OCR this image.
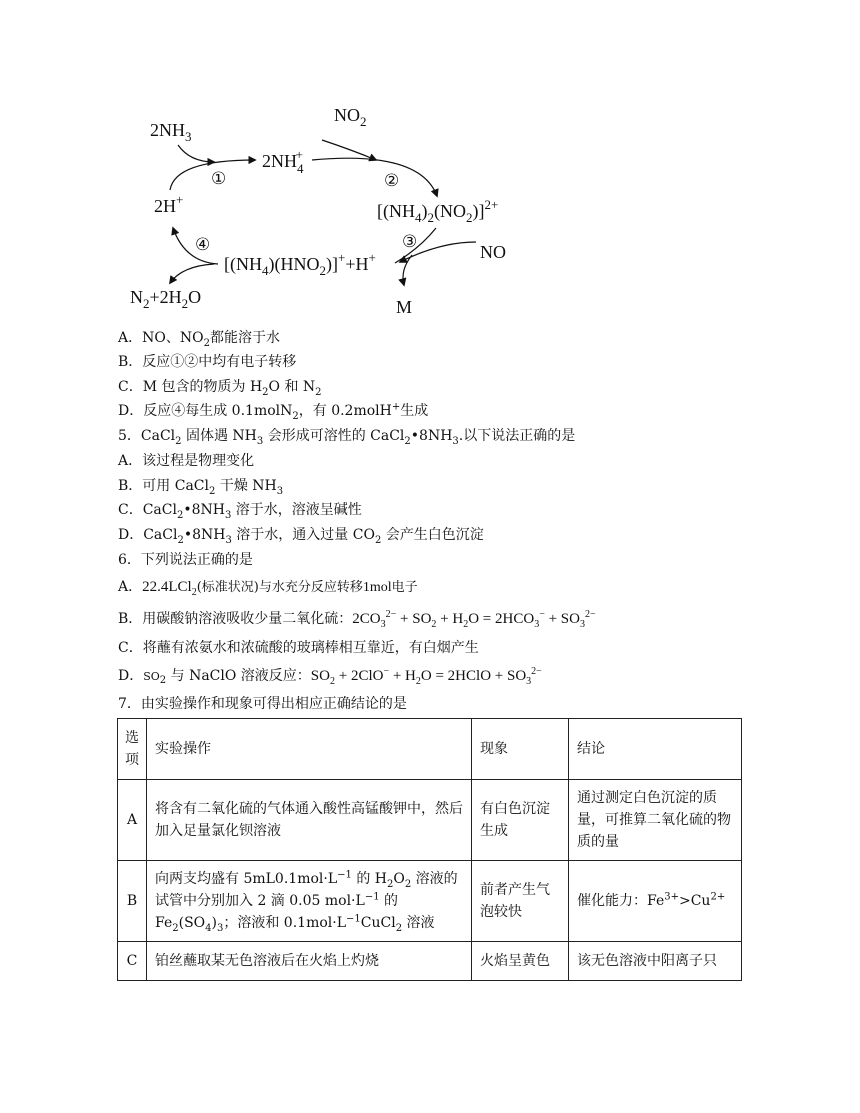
$2NH_3$
$2NH_4+$
$NO_2$
$[(NH_4)_2(NO_2)]^{2+}$
2H+
NO
$[(NH_4)(HNO_2)]^++H^+$
M
$N_2+2H_2O$
①	②
③
④
A．NO、$NO_2$都能溶于水
B．反应①②中均有电子转移
C．M 包含的物质为 $H_2O$ 和 $N_2$
D．反应④每生成 0.1molN$_2$，有 0.2molH+生成
5．CaCl$_2$ 固体遇 $NH_3$ 会形成可溶性的 $CaCl_2•8NH_3$.以下说法正确的是
A．该过程是物理变化
B．可用 CaCl$_2$ 干燥 $NH_3$
C．$CaCl_2•8NH_3$ 溶于水，溶液呈碱性
D．$CaCl_2•8NH_3$ 溶于水，通入过量 $CO_2$ 会产生白色沉淀
6．下列说法正确的是
A．22.4LCl$_2$(标准状况)与水充分反应转移1mol电子
B．用碳酸钠溶液吸收少量二氧化硫：$2CO_3^{2-} + SO_2 + H_2O = 2HCO_3^- + SO_3^{2-}$
C．将蘸有浓氨水和浓硫酸的玻璃棒相互靠近，有白烟产生
D．$SO_2$ 与 NaClO 溶液反应：$SO_2 + 2ClO^- + H_2O$ = 2HClO + $SO_3^{2-}$
7．由实验操作和现象可得出相应正确结论的是
选
项	实验操作	现象	结论
A	将含有二氧化硫的气体通入酸性高锰酸钾中，然后加入足量氯化钡溶液	有白色沉淀生成	通过测定白色沉淀的质量，可推算二氧化硫的物质的量
B	向两支均盛有 $5mL0.1mol\cdot L^{-1}$ 的 $H_2O_2$ 溶液的试管中分别加入 2 滴 0.05 $mol\cdot L^{-1}$ 的 $Fe_2(SO_4)_3$；溶液和 $0.1mol\cdot L^{-1}CuCl_2$ 溶液	前者产生气泡较快	催化能力：$Fe^{3+}>Cu^{2+}$
C	铂丝蘸取某无色溶液后在火焰上灼烧	火焰呈黄色	该无色溶液中阳离子只
